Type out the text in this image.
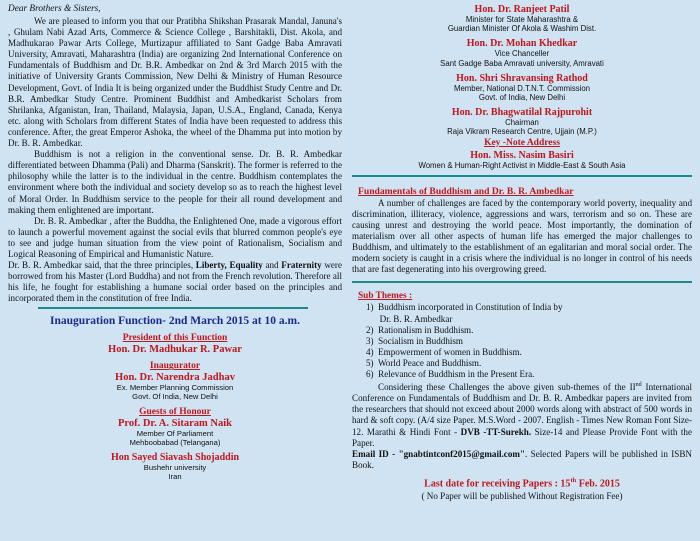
Dear Brothers & Sisters,

We are pleased to inform you that our Pratibha Shikshan Prasarak Mandal, Januna's , Ghulam Nabi Azad Arts, Commerce & Science College , Barshitakli, Dist. Akola, and Madhukarao Pawar Arts College, Murtizapur affiliated to Sant Gadge Baba Amravati University, Amravati, Maharashtra (India) are organizing 2nd International Conference on Fundamentals of Buddhism and Dr. B.R. Ambedkar on 2nd & 3rd March 2015 with the initiative of University Grants Commission, New Delhi & Ministry of Human Resource Development, Govt. of India It is being organized under the Buddhist Study Centre and Dr. B.R. Ambedkar Study Centre. Prominent Buddhist and Ambedkarist Scholars from Shrilanka, Afganistan, Iran, Thailand, Malaysia, Japan, U.S.A., England, Canada, Kenya etc. along with Scholars from different States of India have been requested to address this conference. After, the great Emperor Ashoka, the wheel of the Dhamma put into motion by Dr. B. R. Ambedkar.

Buddhism is not a religion in the conventional sense. Dr. B. R. Ambedkar differentiated between Dhamma (Pali) and Dharma (Sanskrit). The former is referred to the philosophy while the latter is to the individual in the centre. Buddhism contemplates the environment where both the individual and society develop so as to reach the highest level of Moral Order. In Buddhism service to the people for their all round development and making them enlightened are important.

Dr. B. R. Ambedkar , after the Buddha, the Enlightened One, made a vigorous effort to launch a powerful movement against the social evils that blurred common people's eye to see and judge human situation from the view point of Rationalism, Socialism and Logical Reasoning of Empirical and Humanistic Nature.

Dr. B. R. Ambedkar said, that the three principles, Liberty, Equality and Fraternity were borrowed from his Master (Lord Buddha) and not from the French revolution. Therefore all his life, he fought for establishing a humane social order based on the principles and incorporated them in the constitution of free India.

Inauguration Function- 2nd March 2015 at 10 a.m.

President of this Function

Hon. Dr. Madhukar R. Pawar

Inaugurator

Hon. Dr. Narendra Jadhav

Ex. Member Planning Commission

Govt. Of India, New Delhi

Guests of Honour

Prof. Dr. A. Sitaram Naik

Member Of Parliament

Mehboobabad (Telangana)

Hon Sayed Siavash Shojaddin

Bushehr university

Iran

Hon. Dr. Ranjeet Patil

Minister for State Maharashtra &

Guardian Minister Of Akola & Washim Dist.

Hon. Dr. Mohan Khedkar

Vice Chanceller

Sant Gadge Baba Amravati university, Amravati

Hon. Shri Shravansing Rathod

Member, National D.T.N.T. Commission

Govt. of India, New Delhi

Hon. Dr. Bhagwatilal Rajpurohit

Chairman

Raja Vikram Research Centre, Ujjain (M.P.)

Key -Note Address

Hon. Miss. Nasim Basiri

Women & Human-Right Activist in Middle-East & South Asia

Fundamentals of Buddhism and Dr. B. R. Ambedkar

A number of challenges are faced by the contemporary world poverty, inequality and discrimination, illiteracy, violence, aggressions and wars, terrorism and so on. These are causing unrest and destroying the world peace. Most importantly, the domination of materialism over all other aspects of human life has emerged the major challenges to Buddhism, and ultimately to the establishment of an egalitarian and moral social order. The modern society is caught in a crisis where the individual is no longer in control of his needs that are fast degenerating into his overgrowing greed.

Sub Themes :

1)  Buddhism incorporated in Constitution of India by
Dr. B. R. Ambedkar
2)  Rationalism in Buddhism.
3)  Socialism in Buddhism
4)  Empowerment of women in Buddhism.
5)  World Peace and Buddhism.
6)  Relevance of Buddhism in the Present Era.

Considering these Challenges the above given sub-themes of the IInd International Conference on Fundamentals of Buddhism and Dr. B. R. Ambedkar papers are invited from the researchers that should not exceed about 2000 words along with abstract of 500 words in hard & soft copy. (A/4 size Paper. M.S.Word - 2007. English - Times New Roman Font Size-12. Marathi & Hindi Font - DVB -TT-Surekh. Size-14 and Please Provide Font with the Paper.

Email ID - "gnabtintconf2015@gmail.com". Selected Papers will be published in ISBN Book.

Last date for receiving Papers : 15th Feb. 2015

( No Paper will be published Without Registration Fee)
